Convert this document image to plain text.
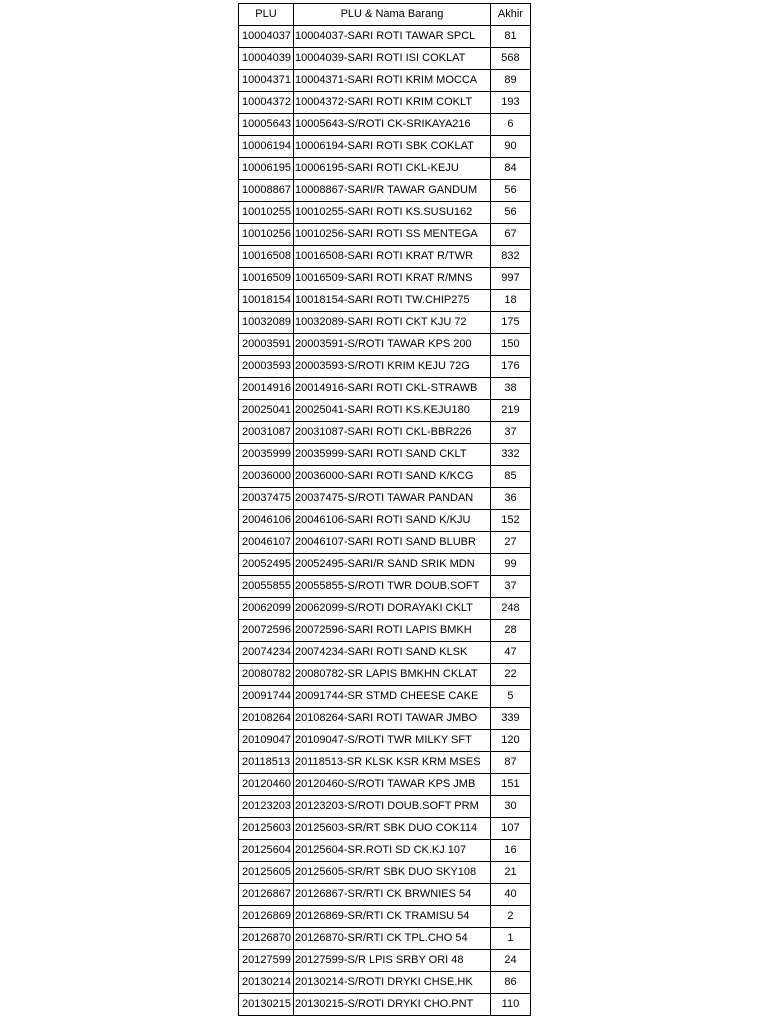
PLU	PLU & Nama Barang	Akhir
10004037	10004037-SARI ROTI TAWAR SPCL	81
10004039	10004039-SARI ROTI ISI COKLAT	568
10004371	10004371-SARI ROTI KRIM MOCCA	89
10004372	10004372-SARI ROTI KRIM COKLT	193
10005643	10005643-S/ROTI CK-SRIKAYA216	6
10006194	10006194-SARI ROTI SBK COKLAT	90
10006195	10006195-SARI ROTI CKL-KEJU	84
10008867	10008867-SARI/R TAWAR GANDUM	56
10010255	10010255-SARI ROTI KS.SUSU162	56
10010256	10010256-SARI ROTI SS MENTEGA	67
10016508	10016508-SARI ROTI KRAT R/TWR	832
10016509	10016509-SARI ROTI KRAT R/MNS	997
10018154	10018154-SARI ROTI TW.CHIP275	18
10032089	10032089-SARI ROTI CKT KJU 72	175
20003591	20003591-S/ROTI TAWAR KPS 200	150
20003593	20003593-S/ROTI KRIM KEJU 72G	176
20014916	20014916-SARI ROTI CKL-STRAWB	38
20025041	20025041-SARI ROTI KS.KEJU180	219
20031087	20031087-SARI ROTI CKL-BBR226	37
20035999	20035999-SARI ROTI SAND CKLT	332
20036000	20036000-SARI ROTI SAND K/KCG	85
20037475	20037475-S/ROTI TAWAR PANDAN	36
20046106	20046106-SARI ROTI SAND K/KJU	152
20046107	20046107-SARI ROTI SAND BLUBR	27
20052495	20052495-SARI/R SAND SRIK MDN	99
20055855	20055855-S/ROTI TWR DOUB.SOFT	37
20062099	20062099-S/ROTI DORAYAKI CKLT	248
20072596	20072596-SARI ROTI LAPIS BMKH	28
20074234	20074234-SARI ROTI SAND KLSK	47
20080782	20080782-SR LAPIS BMKHN CKLAT	22
20091744	20091744-SR STMD CHEESE CAKE	5
20108264	20108264-SARI ROTI TAWAR JMBO	339
20109047	20109047-S/ROTI TWR MILKY SFT	120
20118513	20118513-SR KLSK KSR KRM MSES	87
20120460	20120460-S/ROTI TAWAR KPS JMB	151
20123203	20123203-S/ROTI DOUB.SOFT PRM	30
20125603	20125603-SR/RT SBK DUO COK114	107
20125604	20125604-SR.ROTI SD CK.KJ 107	16
20125605	20125605-SR/RT SBK DUO SKY108	21
20126867	20126867-SR/RTI CK BRWNIES 54	40
20126869	20126869-SR/RTI CK TRAMISU 54	2
20126870	20126870-SR/RTI CK TPL.CHO 54	1
20127599	20127599-S/R LPIS SRBY ORI 48	24
20130214	20130214-S/ROTI DRYKI CHSE.HK	86
20130215	20130215-S/ROTI DRYKI CHO.PNT	110
